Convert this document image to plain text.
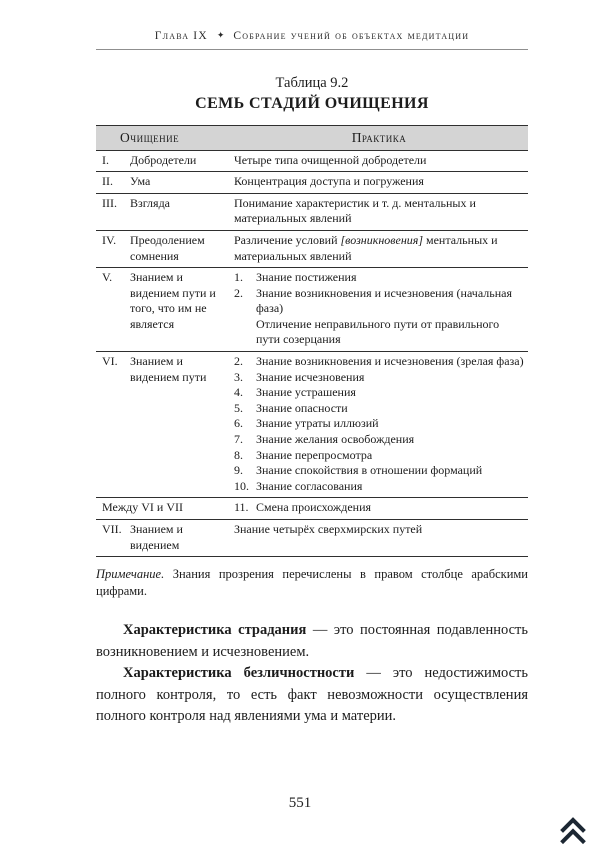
Глава IX ✦ Собрание учений об объектах медитации
Таблица 9.2
СЕМЬ СТАДИЙ ОЧИЩЕНИЯ
Очищение		Практика
I.	Добродетели	Четыре типа очищенной добродетели

II.	Ума	Концентрация доступа и погружения

III.	Взгляда	Понимание характеристик и т. д. ментальных и материальных явлений

IV.	Преодолением сомнения	Различение условий [возникновения] ментальных и материальных явлений

V.	Знанием и видением пути и того, что им не является	1. Знание постижения
2. Знание возникновения и исчезновения (начальная фаза)
Отличение неправильного пути от правильного пути созерцания

VI.	Знанием и видением пути	
2.	Знание возникновения и исчезновения (зрелая фаза)
3.	Знание исчезновения
4.	Знание устрашения
5.	Знание опасности
6.	Знание утраты иллюзий
7.	Знание желания освобождения
8.	Знание перепросмотра
9.	Знание спокойствия в отношении формаций
10. Знание согласования

Между VI и VII		11. Смена происхождения

VII.	Знанием и видением	Знание четырёх сверхмирских путей
Примечание. Знания прозрения перечислены в правом столбце арабскими цифрами.

Характеристика страдания — это постоянная подавленность возникновением и исчезновением.

Характеристика безличностности — это недостижимость полного контроля, то есть факт невозможности осуществления полного контроля над явлениями ума и материи.

551
